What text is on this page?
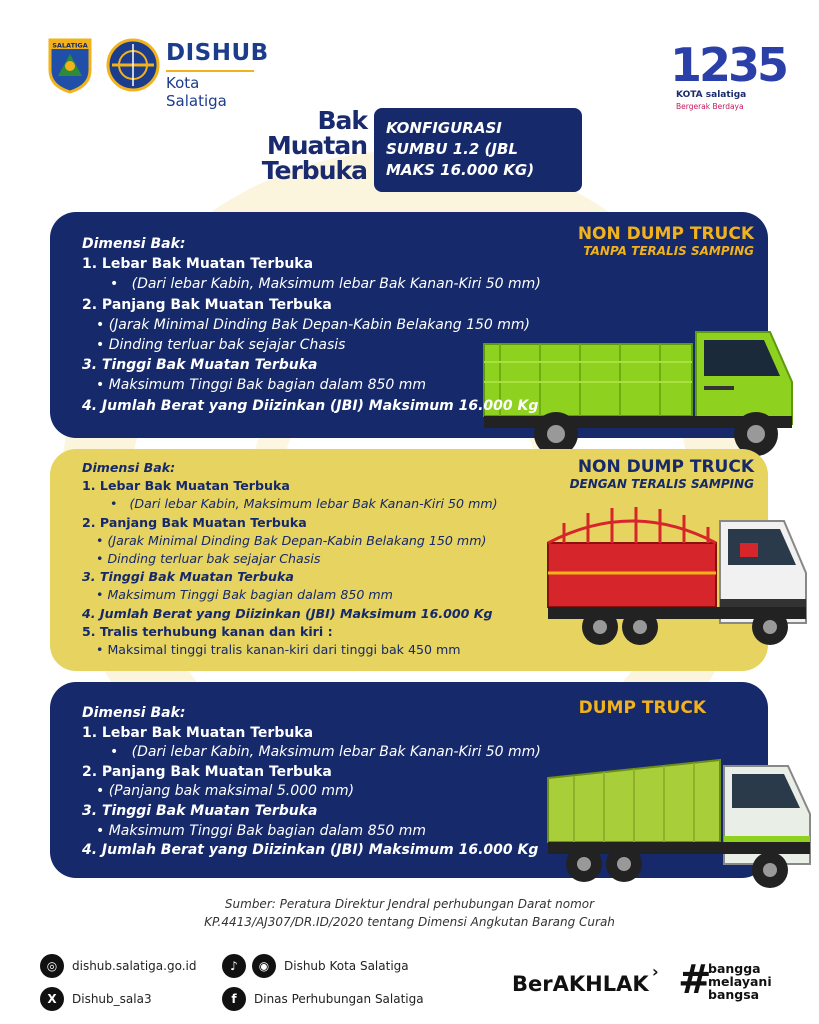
SALATIGA	DISHUB
Kota Salatiga
1235
KOTA salatiga
Bergerak Berdaya
Bak
Muatan
Terbuka
KONFIGURASI
SUMBU 1.2 (JBL
MAKS 16.000 KG)
NON DUMP TRUCK
TANPA TERALIS SAMPING
Dimensi Bak:
1. Lebar Bak Muatan Terbuka
•   (Dari lebar Kabin, Maksimum lebar Bak Kanan-Kiri 50 mm)
2. Panjang Bak Muatan Terbuka
• (Jarak Minimal Dinding Bak Depan-Kabin Belakang 150 mm)
• Dinding terluar bak sejajar Chasis
3. Tinggi Bak Muatan Terbuka
• Maksimum Tinggi Bak bagian dalam 850 mm
4. Jumlah Berat yang Diizinkan (JBI) Maksimum 16.000 Kg
NON DUMP TRUCK
DENGAN TERALIS SAMPING
Dimensi Bak:
1. Lebar Bak Muatan Terbuka
•   (Dari lebar Kabin, Maksimum lebar Bak Kanan-Kiri 50 mm)
2. Panjang Bak Muatan Terbuka
• (Jarak Minimal Dinding Bak Depan-Kabin Belakang 150 mm)
• Dinding terluar bak sejajar Chasis
3. Tinggi Bak Muatan Terbuka
• Maksimum Tinggi Bak bagian dalam 850 mm
4. Jumlah Berat yang Diizinkan (JBI) Maksimum 16.000 Kg
5. Tralis terhubung kanan dan kiri :
• Maksimal tinggi tralis kanan-kiri dari tinggi bak 450 mm
DUMP TRUCK
Dimensi Bak:
1. Lebar Bak Muatan Terbuka
•   (Dari lebar Kabin, Maksimum lebar Bak Kanan-Kiri 50 mm)
2. Panjang Bak Muatan Terbuka
• (Panjang bak maksimal 5.000 mm)
3. Tinggi Bak Muatan Terbuka
• Maksimum Tinggi Bak bagian dalam 850 mm
4. Jumlah Berat yang Diizinkan (JBI) Maksimum 16.000 Kg
Sumber: Peratura Direktur Jendral perhubungan Darat nomor
KP.4413/AJ307/DR.ID/2020 tentang Dimensi Angkutan Barang Curah
◎	dishub.salatiga.go.id
X	Dishub_sala3
♪	◉	Dishub Kota Salatiga
f	Dinas Perhubungan Salatiga
BerAKHLAK
› #
bangga
melayani
bangsa
